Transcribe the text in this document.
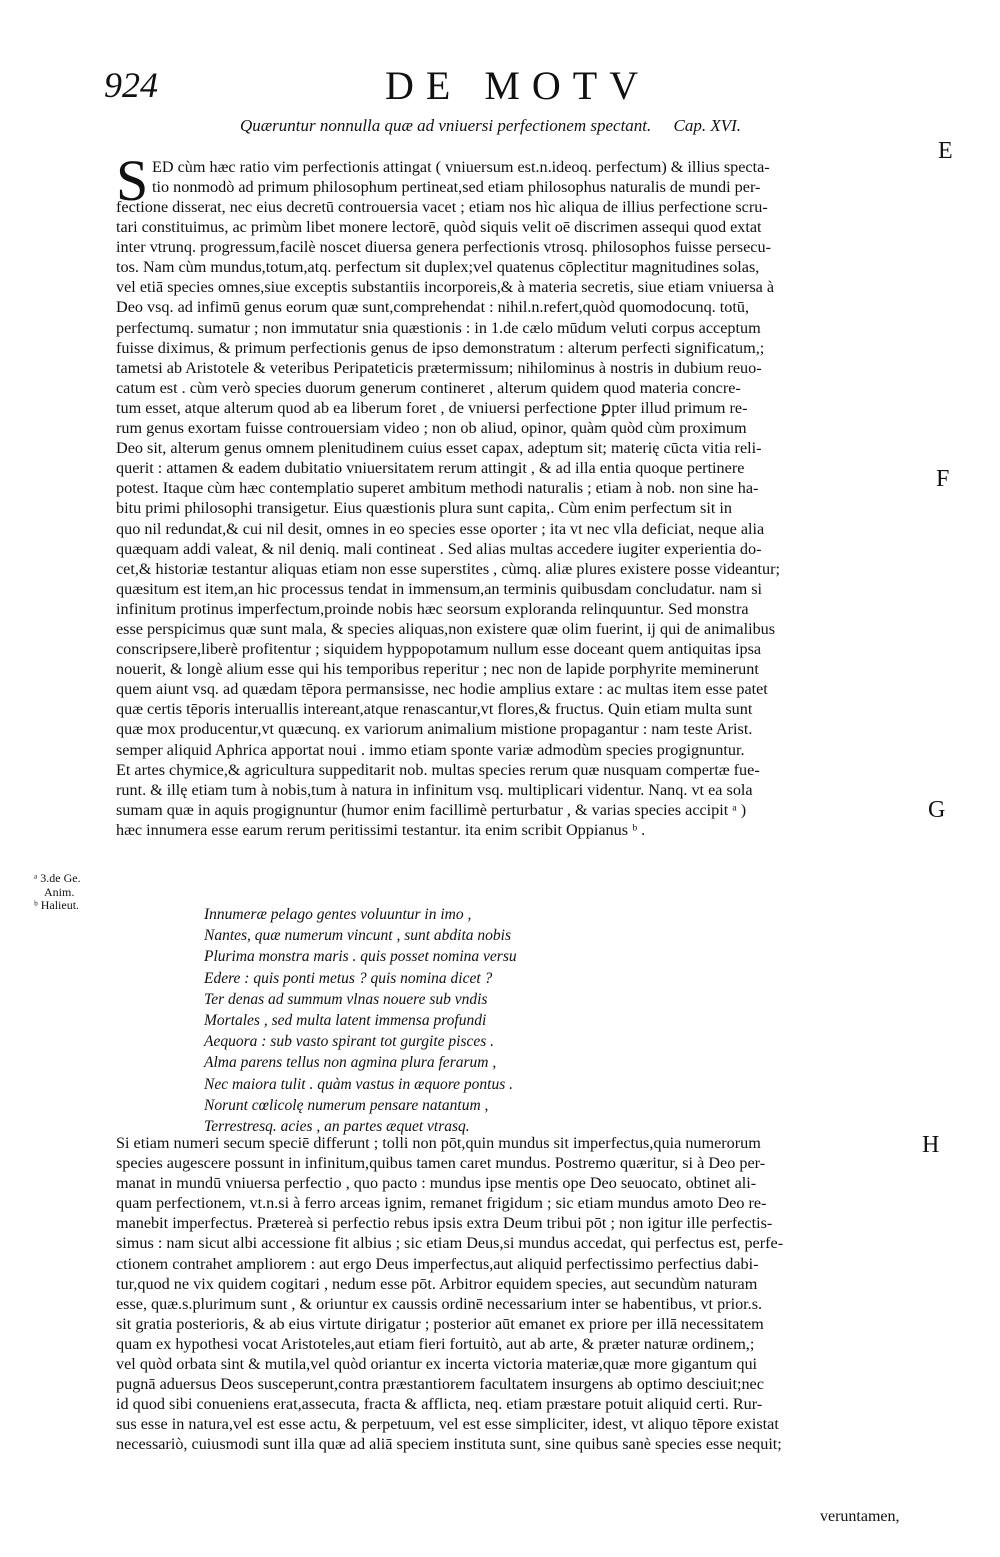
924	DE MOTV
Quæruntur nonnulla quæ ad vniuersi perfectionem spectant. Cap. XVI.
E
F
G
H
ᵃ 3.de Ge.
Anim.
ᵇ Halieut.
S ED cùm hæc ratio vim perfectionis attingat ( vniuersum est.n.ideoq. perfectum) & illius specta-
tio nonmodò ad primum philosophum pertineat,sed etiam philosophus naturalis de mundi per-
fectione disserat, nec eius decretū controuersia vacet ; etiam nos hìc aliqua de illius perfectione scru-
tari constituimus, ac primùm libet monere lectorē, quòd siquis velit oē discrimen assequi quod extat
inter vtrunq. progressum,facilè noscet diuersa genera perfectionis vtrosq. philosophos fuisse persecu-
tos. Nam cùm mundus,totum,atq. perfectum sit duplex;vel quatenus cōplectitur magnitudines solas,
vel etiā species omnes,siue exceptis substantiis incorporeis,& à materia secretis, siue etiam vniuersa à
Deo vsq. ad infimū genus eorum quæ sunt,comprehendat : nihil.n.refert,quòd quomodocunq. totū,
perfectumq. sumatur ; non immutatur snia quæstionis : in 1.de cælo mūdum veluti corpus acceptum
fuisse diximus, & primum perfectionis genus de ipso demonstratum : alterum perfecti significatum,;
tametsi ab Aristotele & veteribus Peripateticis prætermissum; nihilominus à nostris in dubium reuo-
catum est . cùm verò species duorum generum contineret , alterum quidem quod materia concre-
tum esset, atque alterum quod ab ea liberum foret , de vniuersi perfectione ꝑpter illud primum re-
rum genus exortam fuisse controuersiam video ; non ob aliud, opinor, quàm quòd cùm proximum
Deo sit, alterum genus omnem plenitudinem cuius esset capax, adeptum sit; materię cūcta vitia reli-
querit : attamen & eadem dubitatio vniuersitatem rerum attingit , & ad illa entia quoque pertinere
potest. Itaque cùm hæc contemplatio superet ambitum methodi naturalis ; etiam à nob. non sine ha-
bitu primi philosophi transigetur. Eius quæstionis plura sunt capita,. Cùm enim perfectum sit in
quo nil redundat,& cui nil desit, omnes in eo species esse oporter ; ita vt nec vlla deficiat, neque alia
quæquam addi valeat, & nil deniq. mali contineat . Sed alias multas accedere iugiter experientia do-
cet,& historiæ testantur aliquas etiam non esse superstites , cùmq. aliæ plures existere posse videantur;
quæsitum est item,an hic processus tendat in immensum,an terminis quibusdam concludatur. nam si
infinitum protinus imperfectum,proinde nobis hæc seorsum exploranda relinquuntur. Sed monstra
esse perspicimus quæ sunt mala, & species aliquas,non existere quæ olim fuerint, ij qui de animalibus
conscripsere,liberè profitentur ; siquidem hyppopotamum nullum esse doceant quem antiquitas ipsa
nouerit, & longè alium esse qui his temporibus reperitur ; nec non de lapide porphyrite meminerunt
quem aiunt vsq. ad quædam tēpora permansisse, nec hodie amplius extare : ac multas item esse patet
quæ certis tēporis interuallis intereant,atque renascantur,vt flores,& fructus. Quin etiam multa sunt
quæ mox producentur,vt quæcunq. ex variorum animalium mistione propagantur : nam teste Arist.
semper aliquid Aphrica apportat noui . immo etiam sponte variæ admodùm species progignuntur.
Et artes chymice,& agricultura suppeditarit nob. multas species rerum quæ nusquam compertæ fue-
runt. & illę etiam tum à nobis,tum à natura in infinitum vsq. multiplicari videntur. Nanq. vt ea sola
sumam quæ in aquis progignuntur (humor enim facillimè perturbatur , & varias species accipit ᵃ )
hæc innumera esse earum rerum peritissimi testantur. ita enim scribit Oppianus ᵇ .
Innumeræ pelago gentes voluuntur in imo ,
Nantes, quæ numerum vincunt , sunt abdita nobis
Plurima monstra maris . quis posset nomina versu
Edere : quis ponti metus ? quis nomina dicet ?
Ter denas ad summum vlnas nouere sub vndis
Mortales , sed multa latent immensa profundi
Aequora : sub vasto spirant tot gurgite pisces .
Alma parens tellus non agmina plura ferarum ,
Nec maiora tulit . quàm vastus in æquore pontus .
Norunt cœlicolę numerum pensare natantum ,
Terrestresq. acies , an partes æquet vtrasq.
Si etiam numeri secum speciē differunt ; tolli non pōt,quin mundus sit imperfectus,quia numerorum
species augescere possunt in infinitum,quibus tamen caret mundus. Postremo quæritur, si à Deo per-
manat in mundū vniuersa perfectio , quo pacto : mundus ipse mentis ope Deo seuocato, obtinet ali-
quam perfectionem, vt.n.si à ferro arceas ignim, remanet frigidum ; sic etiam mundus amoto Deo re-
manebit imperfectus. Prætereà si perfectio rebus ipsis extra Deum tribui pōt ; non igitur ille perfectis-
simus : nam sicut albi accessione fit albius ; sic etiam Deus,si mundus accedat, qui perfectus est, perfe-
ctionem contrahet ampliorem : aut ergo Deus imperfectus,aut aliquid perfectissimo perfectius dabi-
tur,quod ne vix quidem cogitari , nedum esse pōt. Arbitror equidem species, aut secundùm naturam
esse, quæ.s.plurimum sunt , & oriuntur ex caussis ordinē necessarium inter se habentibus, vt prior.s.
sit gratia posterioris, & ab eius virtute dirigatur ; posterior aūt emanet ex priore per illā necessitatem
quam ex hypothesi vocat Aristoteles,aut etiam fieri fortuitò, aut ab arte, & præter naturæ ordinem,;
vel quòd orbata sint & mutila,vel quòd oriantur ex incerta victoria materiæ,quæ more gigantum qui
pugnā aduersus Deos susceperunt,contra præstantiorem facultatem insurgens ab optimo desciuit;nec
id quod sibi conueniens erat,assecuta, fracta & afflicta, neq. etiam præstare potuit aliquid certi. Rur-
sus esse in natura,vel est esse actu, & perpetuum, vel est esse simpliciter, idest, vt aliquo tēpore existat
necessariò, cuiusmodi sunt illa quæ ad aliā speciem instituta sunt, sine quibus sanè species esse nequit;
veruntamen,
